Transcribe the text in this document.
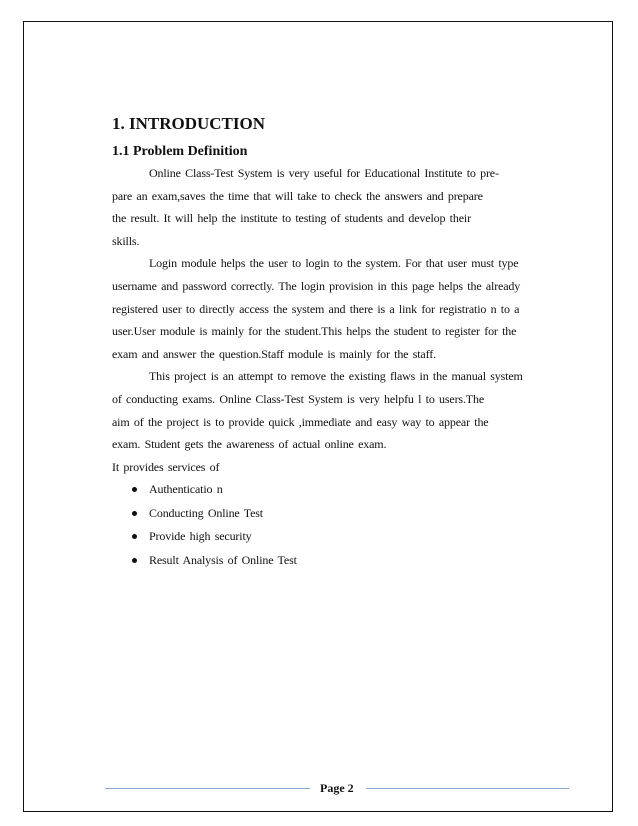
1. INTRODUCTION
1.1 Problem Definition
Online Class-Test System is very useful for Educational Institute to pre-
pare an exam,saves the time that will take to check the answers and prepare
the result. It will help the institute to testing of students and develop their
skills.
Login module helps the user to login to the system. For that user must type
username and password correctly. The login provision in this page helps the already
registered user to directly access the system and there is a link for registratio n to a
user.User module is mainly for the student.This helps the student to register for the
exam and answer the question.Staff module is mainly for the staff.
This project is an attempt to remove the existing flaws in the manual system
of conducting exams. Online Class-Test System is very helpfu l to users.The
aim of the project is to provide quick ,immediate and easy way to appear the
exam. Student gets the awareness of actual online exam.
It provides services of
Authenticatio n
Conducting Online Test
Provide high security
Result Analysis of Online Test
Page 2
